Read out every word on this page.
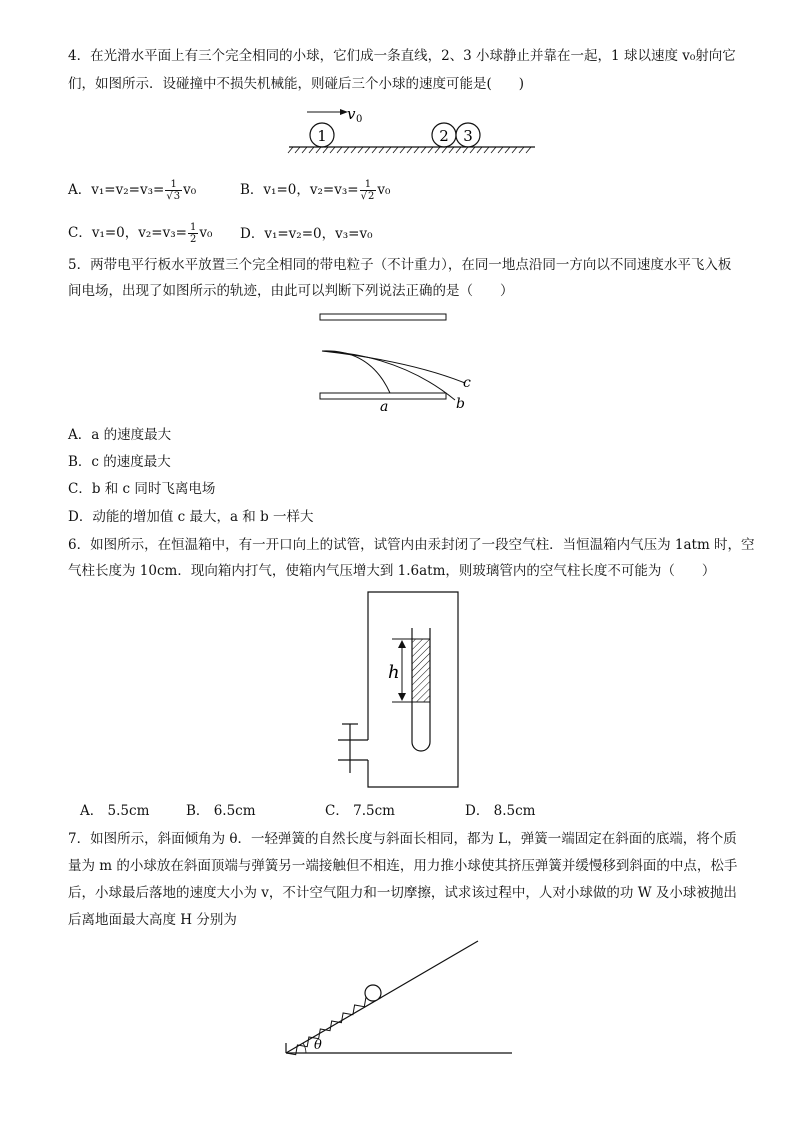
4．在光滑水平面上有三个完全相同的小球，它们成一条直线，2、3 小球静止并靠在一起，1 球以速度 v₀射向它
们，如图所示．设碰撞中不损失机械能，则碰后三个小球的速度可能是(　　)
v 0
1	2 3
A．$v_1=v_2=v_3= \frac{1}{√3} v_0$	B．v₁=0，$v_2=v_3= \frac{1}{√2} v_0$
C．v₁=0，$v_2=v_3= \frac{1}{2} v_0$ D．v₁=v₂=0，v₃=v₀
5．两带电平行板水平放置三个完全相同的带电粒子（不计重力），在同一地点沿同一方向以不同速度水平飞入板
间电场，出现了如图所示的轨迹，由此可以判断下列说法正确的是（　　）
a	b
c
A．a 的速度最大
B．c 的速度最大
C．b 和 c 同时飞离电场
D．动能的增加值 c 最大，a 和 b 一样大
6．如图所示，在恒温箱中，有一开口向上的试管，试管内由汞封闭了一段空气柱．当恒温箱内气压为 1atm 时，空
气柱长度为 10cm．现向箱内打气，使箱内气压增大到 1.6atm，则玻璃管内的空气柱长度不可能为（　　）
h
A． 5.5cm	B． 6.5cm	C． 7.5cm	D． 8.5cm
7．如图所示，斜面倾角为 θ．一轻弹簧的自然长度与斜面长相同，都为 L，弹簧一端固定在斜面的底端，将个质
量为 m 的小球放在斜面顶端与弹簧另一端接触但不相连，用力推小球使其挤压弹簧并缓慢移到斜面的中点，松手
后，小球最后落地的速度大小为 v，不计空气阻力和一切摩擦，试求该过程中，人对小球做的功 W 及小球被抛出
后离地面最大高度 H 分别为
θ
